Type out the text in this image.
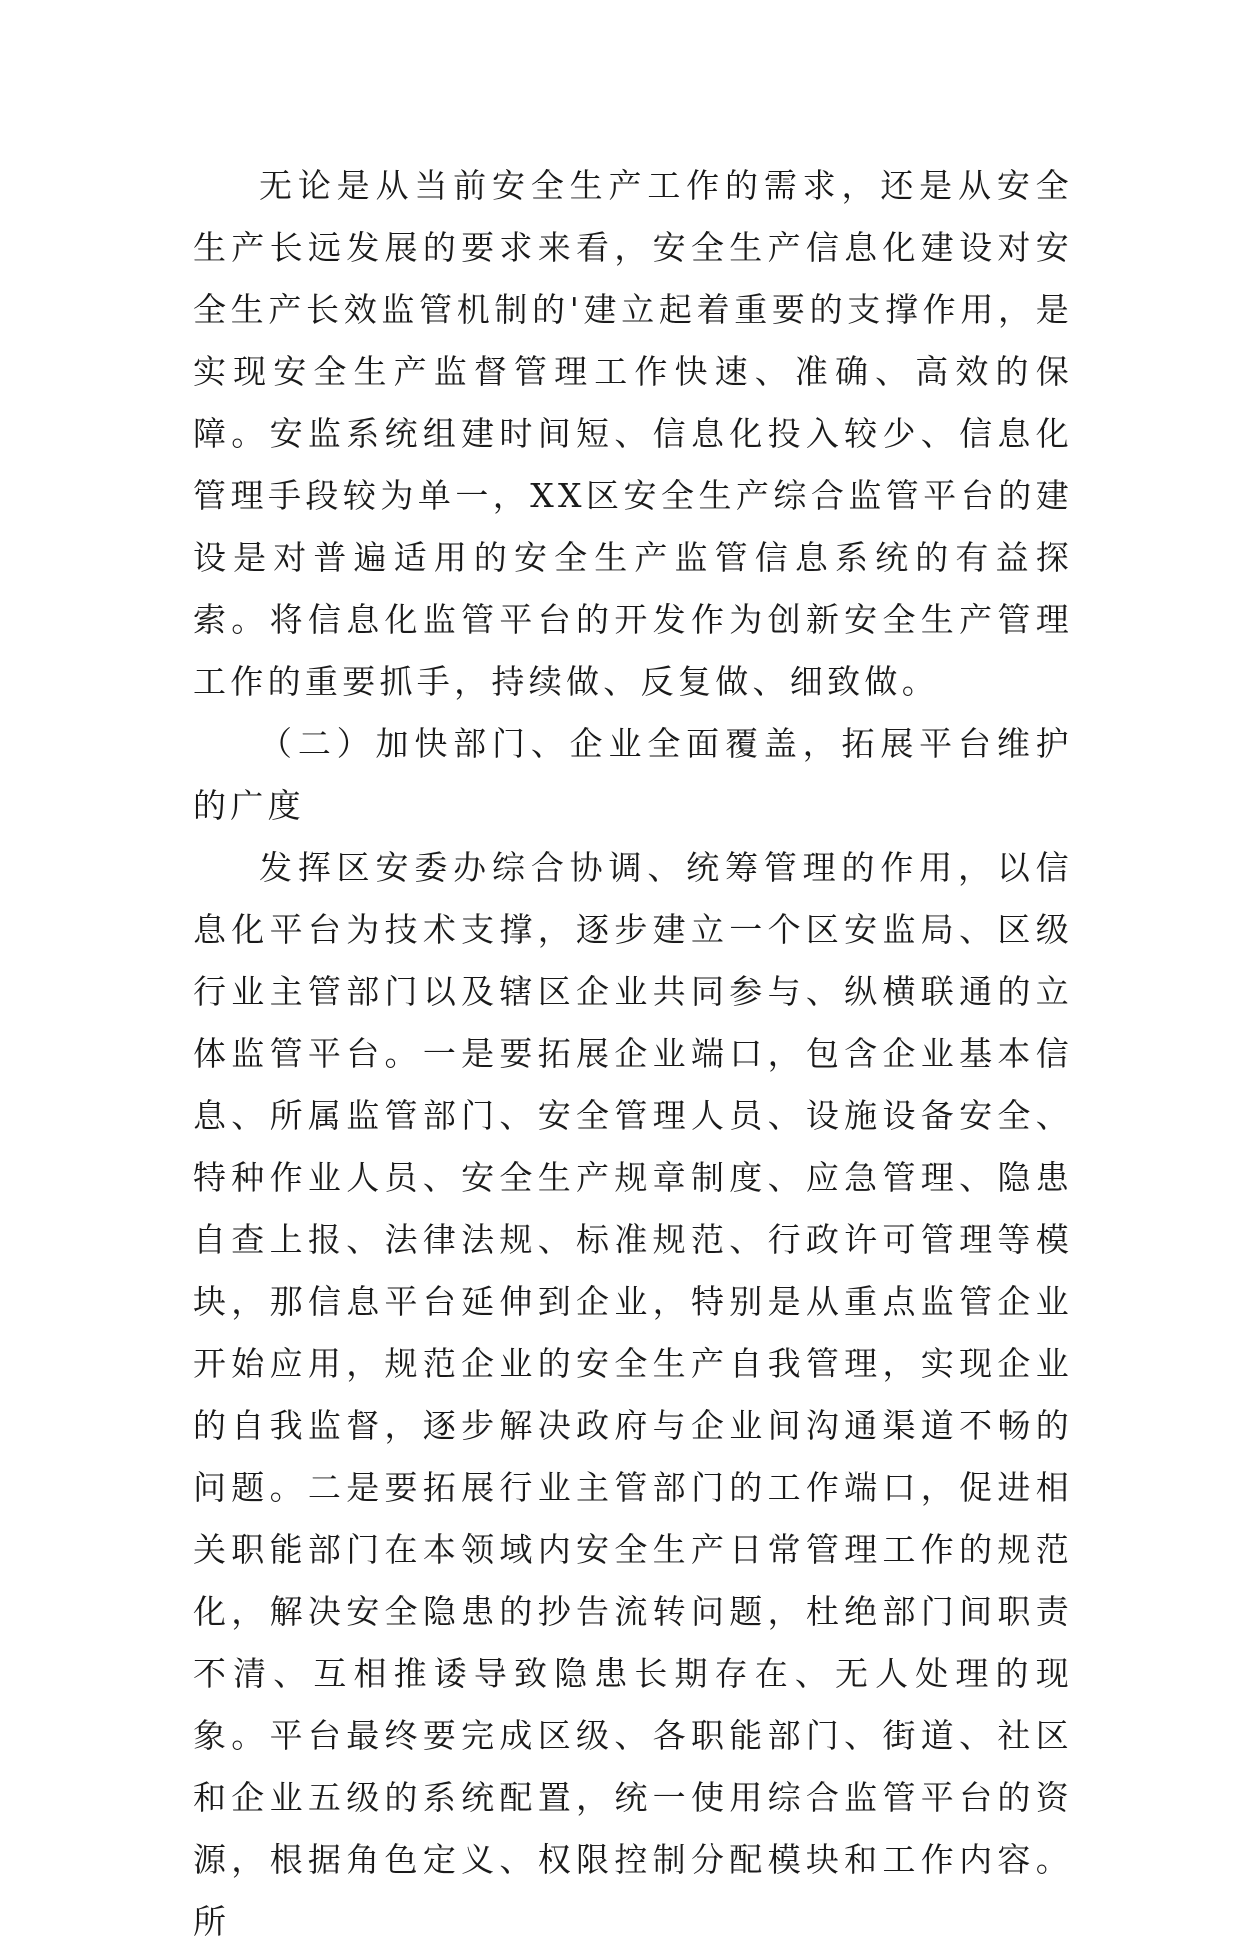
无论是从当前安全生产工作的需求，还是从安全生产长远发展的要求来看，安全生产信息化建设对安全生产长效监管机制的'建立起着重要的支撑作用，是实现安全生产监督管理工作快速、准确、高效的保障。安监系统组建时间短、信息化投入较少、信息化管理手段较为单一，XX区安全生产综合监管平台的建设是对普遍适用的安全生产监管信息系统的有益探索。将信息化监管平台的开发作为创新安全生产管理工作的重要抓手，持续做、反复做、细致做。

（二）加快部门、企业全面覆盖，拓展平台维护的广度

发挥区安委办综合协调、统筹管理的作用，以信息化平台为技术支撑，逐步建立一个区安监局、区级行业主管部门以及辖区企业共同参与、纵横联通的立体监管平台。一是要拓展企业端口，包含企业基本信息、所属监管部门、安全管理人员、设施设备安全、特种作业人员、安全生产规章制度、应急管理、隐患自查上报、法律法规、标准规范、行政许可管理等模块，那信息平台延伸到企业，特别是从重点监管企业开始应用，规范企业的安全生产自我管理，实现企业的自我监督，逐步解决政府与企业间沟通渠道不畅的问题。二是要拓展行业主管部门的工作端口，促进相关职能部门在本领域内安全生产日常管理工作的规范化，解决安全隐患的抄告流转问题，杜绝部门间职责不清、互相推诿导致隐患长期存在、无人处理的现象。平台最终要完成区级、各职能部门、街道、社区和企业五级的系统配置，统一使用综合监管平台的资源，根据角色定义、权限控制分配模块和工作内容。所
